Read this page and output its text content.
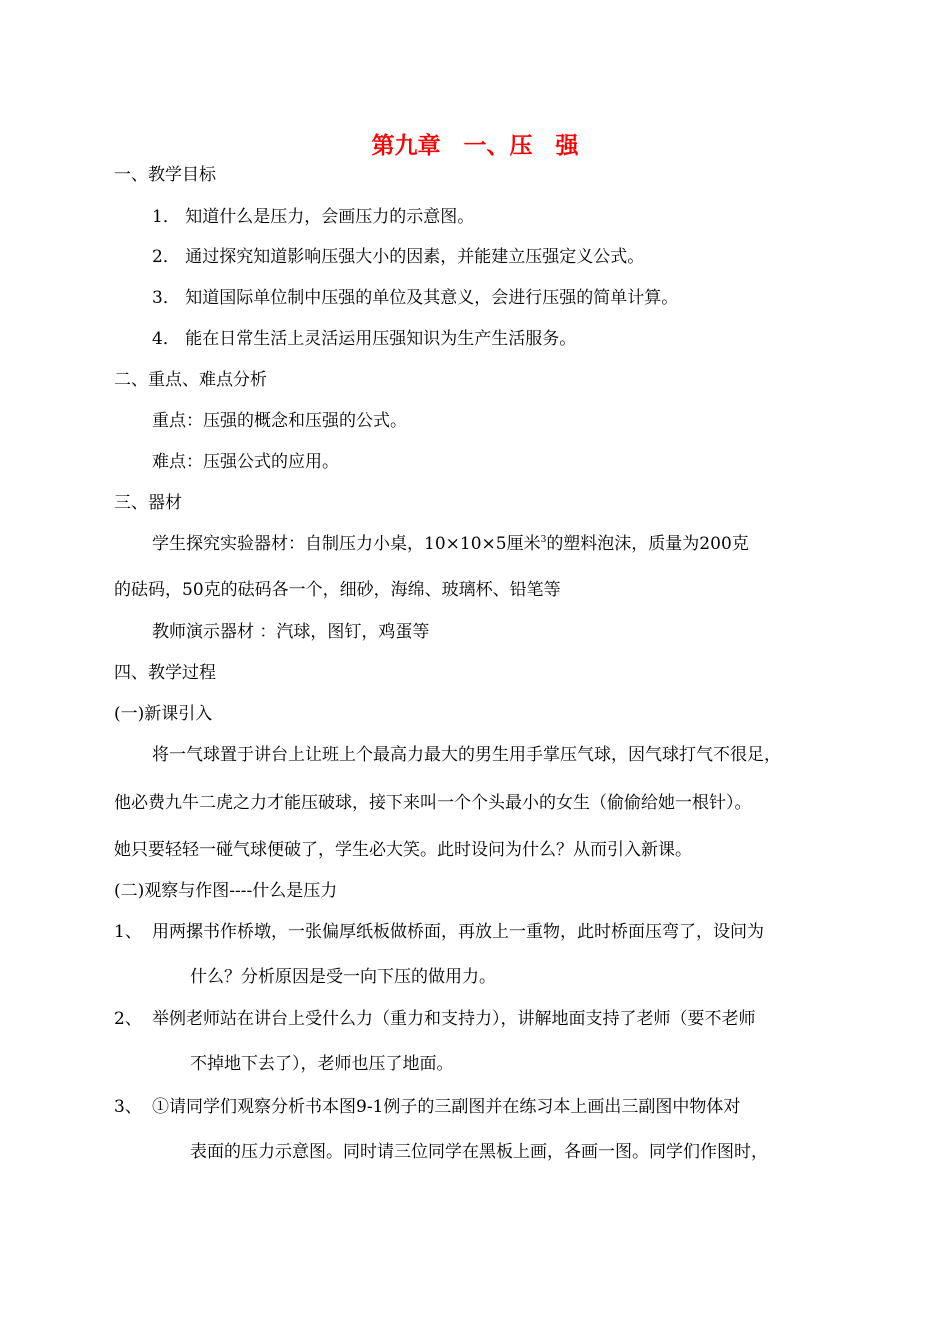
第九章　一、压　强
一、教学目标
1． 知道什么是压力，会画压力的示意图。
2． 通过探究知道影响压强大小的因素，并能建立压强定义公式。
3． 知道国际单位制中压强的单位及其意义，会进行压强的简单计算。
4． 能在日常生活上灵活运用压强知识为生产生活服务。
二、重点、难点分析
重点：压强的概念和压强的公式。
难点：压强公式的应用。
三、器材
学生探究实验器材：自制压力小桌，10×10×5厘米$^3$的塑料泡沫，质量为200克
的砝码，50克的砝码各一个，细砂，海绵、玻璃杯、铅笔等
教师演示器材 ：汽球，图钉，鸡蛋等
四、教学过程
(一)新课引入
将一气球置于讲台上让班上个最高力最大的男生用手掌压气球，因气球打气不很足，
他必费九牛二虎之力才能压破球，接下来叫一个个头最小的女生（偷偷给她一根针）。
她只要轻轻一碰气球便破了，学生必大笑。此时设问为什么？从而引入新课。
(二)观察与作图----什么是压力
1、 用两摞书作桥墩，一张偏厚纸板做桥面，再放上一重物，此时桥面压弯了，设问为
什么？分析原因是受一向下压的做用力。
2、 举例老师站在讲台上受什么力（重力和支持力），讲解地面支持了老师（要不老师
不掉地下去了），老师也压了地面。
3、 ①请同学们观察分析书本图9-1例子的三副图并在练习本上画出三副图中物体对
表面的压力示意图。同时请三位同学在黑板上画，各画一图。同学们作图时，
